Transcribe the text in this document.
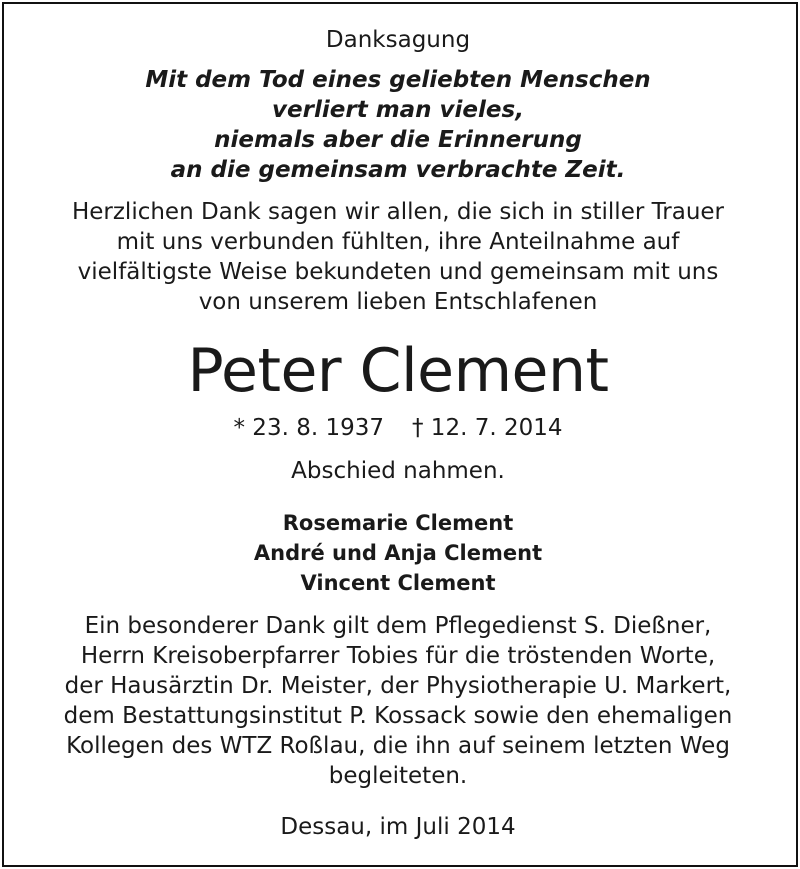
Danksagung
Mit dem Tod eines geliebten Menschen
verliert man vieles,
niemals aber die Erinnerung
an die gemeinsam verbrachte Zeit.
Herzlichen Dank sagen wir allen, die sich in stiller Trauer
mit uns verbunden fühlten, ihre Anteilnahme auf
vielfältigste Weise bekundeten und gemeinsam mit uns
von unserem lieben Entschlafenen
Peter Clement
* 23. 8. 1937 † 12. 7. 2014
Abschied nahmen.
Rosemarie Clement
André und Anja Clement
Vincent Clement
Ein besonderer Dank gilt dem Pflegedienst S. Dießner,
Herrn Kreisoberpfarrer Tobies für die tröstenden Worte,
der Hausärztin Dr. Meister, der Physiotherapie U. Markert,
dem Bestattungsinstitut P. Kossack sowie den ehemaligen
Kollegen des WTZ Roßlau, die ihn auf seinem letzten Weg
begleiteten.
Dessau, im Juli 2014
